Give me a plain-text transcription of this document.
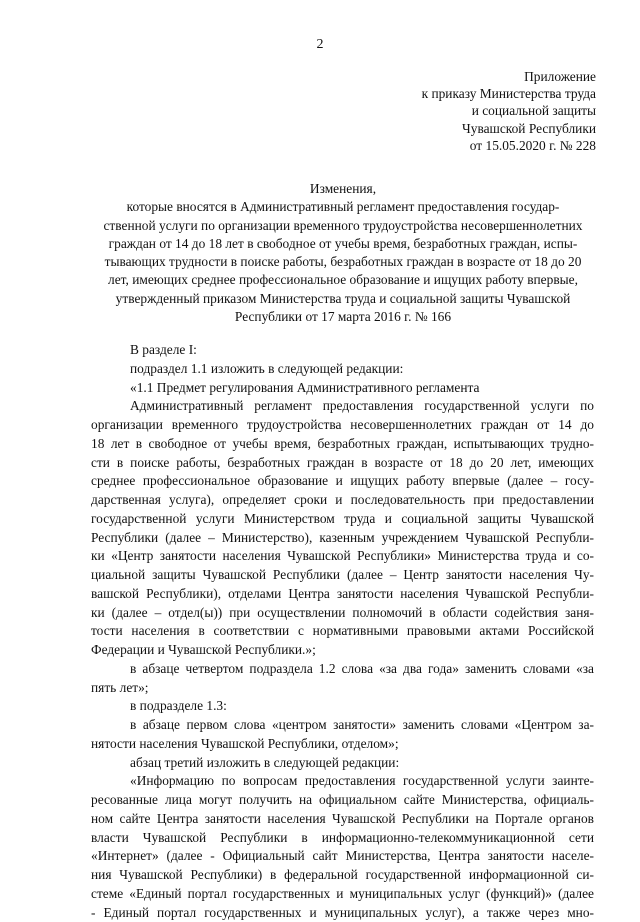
2
Приложение
к приказу Министерства труда
и социальной защиты
Чувашской Республики
от 15.05.2020 г. № 228
Изменения,
которые вносятся в Административный регламент предоставления государ-
ственной услуги по организации временного трудоустройства несовершеннолетних
граждан от 14 до 18 лет в свободное от учебы время, безработных граждан, испы-
тывающих трудности в поиске работы, безработных граждан в возрасте от 18 до 20
лет, имеющих среднее профессиональное образование и ищущих работу впервые,
утвержденный приказом Министерства труда и социальной защиты Чувашской
Республики от 17 марта 2016 г. № 166
В разделе I:
подраздел 1.1 изложить в следующей редакции:
«1.1 Предмет регулирования Административного регламента
Административный регламент предоставления государственной услуги по
организации временного трудоустройства несовершеннолетних граждан от 14 до
18 лет в свободное от учебы время, безработных граждан, испытывающих трудно-
сти в поиске работы, безработных граждан в возрасте от 18 до 20 лет, имеющих
среднее профессиональное образование и ищущих работу впервые (далее – госу-
дарственная услуга), определяет сроки и последовательность при предоставлении
государственной услуги Министерством труда и социальной защиты Чувашской
Республики (далее – Министерство), казенным учреждением Чувашской Республи-
ки «Центр занятости населения Чувашской Республики» Министерства труда и со-
циальной защиты Чувашской Республики (далее – Центр занятости населения Чу-
вашской Республики), отделами Центра занятости населения Чувашской Республи-
ки (далее – отдел(ы)) при осуществлении полномочий в области содействия заня-
тости населения в соответствии с нормативными правовыми актами Российской
Федерации и Чувашской Республики.»;
в абзаце четвертом подраздела 1.2 слова «за два года» заменить словами «за
пять лет»;
в подразделе 1.3:
в абзаце первом слова «центром занятости» заменить словами «Центром за-
нятости населения Чувашской Республики, отделом»;
абзац третий изложить в следующей редакции:
«Информацию по вопросам предоставления государственной услуги заинте-
ресованные лица могут получить на официальном сайте Министерства, официаль-
ном сайте Центра занятости населения Чувашской Республики на Портале органов
власти Чувашской Республики в информационно-телекоммуникационной сети
«Интернет» (далее - Официальный сайт Министерства, Центра занятости населе-
ния Чувашской Республики) в федеральной государственной информационной си-
стеме «Единый портал государственных и муниципальных услуг (функций)» (далее
- Единый портал государственных и муниципальных услуг), а также через мно-
